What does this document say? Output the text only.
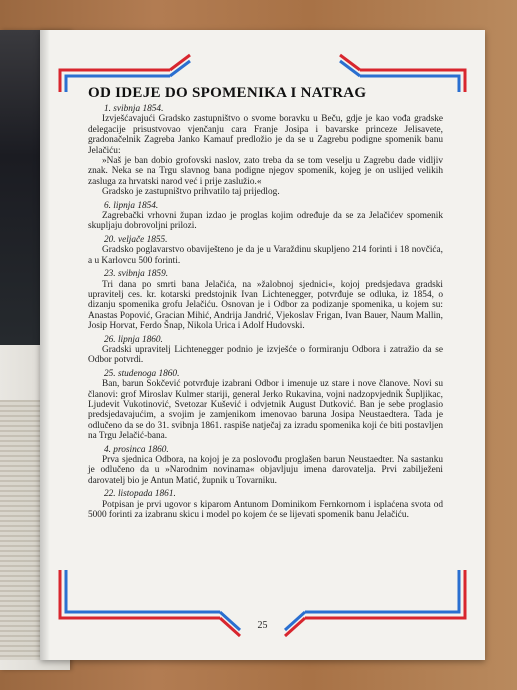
OD IDEJE DO SPOMENIKA I NATRAG
1. svibnja 1854.
Izvješćavajući Gradsko zastupništvo o svome boravku u Beču, gdje je kao vođa gradske delegacije prisustvovao vjenčanju cara Franje Josipa i bavarske princeze Jelisavete, gradonačelnik Zagreba Janko Kamauf predložio je da se u Zagrebu podigne spomenik banu Jelačiću:
»Naš je ban dobio grofovski naslov, zato treba da se tom veselju u Zagrebu dade vidljiv znak. Neka se na Trgu slavnog bana podigne njegov spomenik, kojeg je on uslijed velikih zasluga za hrvatski narod već i prije zaslužio.«
Gradsko je zastupništvo prihvatilo taj prijedlog.
6. lipnja 1854.
Zagrebački vrhovni župan izdao je proglas kojim određuje da se za Jelačićev spomenik skupljaju dobrovoljni prilozi.
20. veljače 1855.
Gradsko poglavarstvo obaviješteno je da je u Varaždinu skupljeno 214 forinti i 18 novčića, a u Karlovcu 500 forinti.
23. svibnja 1859.
Tri dana po smrti bana Jelačića, na »žalobnoj sjednici«, kojoj predsjedava gradski upravitelj ces. kr. kotarski predstojnik Ivan Lichtenegger, potvrđuje se odluka, iz 1854, o dizanju spomenika grofu Jelačiću. Osnovan je i Odbor za podizanje spomenika, u kojem su: Anastas Popović, Gracian Mihić, Andrija Jandrić, Vjekoslav Frigan, Ivan Bauer, Naum Mallin, Josip Horvat, Ferdo Šnap, Nikola Urica i Adolf Hudovski.
26. lipnja 1860.
Gradski upravitelj Lichtenegger podnio je izvješće o formiranju Odbora i zatražio da se Odbor potvrdi.
25. studenoga 1860.
Ban, barun Sokčević potvrđuje izabrani Odbor i imenuje uz stare i nove članove. Novi su članovi: grof Miroslav Kulmer stariji, general Jerko Rukavina, vojni nadzopvjednik Šupljikac, Ljudevit Vukotinović, Svetozar Kušević i odvjetnik August Dutković. Ban je sebe proglasio predsjedavajućim, a svojim je zamjenikom imenovao baruna Josipa Neustaedtera. Tada je odlučeno da se do 31. svibnja 1861. raspiše natječaj za izradu spomenika koji će biti postavljen na Trgu Jelačić-bana.
4. prosinca 1860.
Prva sjednica Odbora, na kojoj je za poslovođu proglašen barun Neustaedter. Na sastanku je odlučeno da u »Narodnim novinama« objavljuju imena darovatelja. Prvi zabilježeni darovatelj bio je Antun Matić, župnik u Tovarniku.
22. listopada 1861.
Potpisan je prvi ugovor s kiparom Antunom Dominikom Fernkornom i isplaćena svota od 5000 forinti za izabranu skicu i model po kojem će se lijevati spomenik banu Jelačiću.
25
